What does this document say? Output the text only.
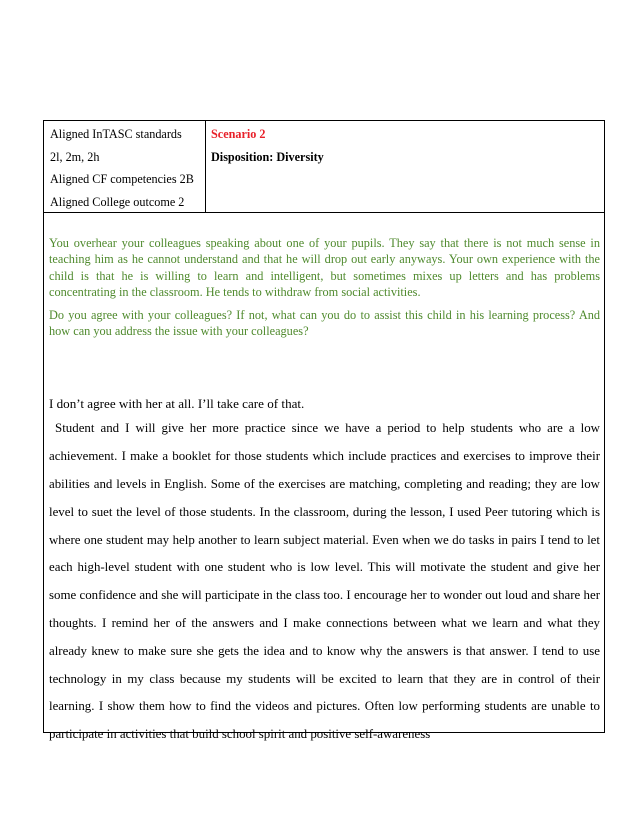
Aligned InTASC standards
2l, 2m, 2h
Aligned CF competencies 2B
Aligned College outcome 2
Scenario 2
Disposition: Diversity

You overhear your colleagues speaking about one of your pupils. They say that there is not much sense in teaching him as he cannot understand and that he will drop out early anyways. Your own experience with the child is that he is willing to learn and intelligent, but sometimes mixes up letters and has problems concentrating in the classroom. He tends to withdraw from social activities.

Do you agree with your colleagues? If not, what can you do to assist this child in his learning process? And how can you address the issue with your colleagues?

I don’t agree with her at all. I’ll take care of that.

Student and I will give her more practice since we have a period to help students who are a low achievement. I make a booklet for those students which include practices and exercises to improve their abilities and levels in English. Some of the exercises are matching, completing and reading; they are low level to suet the level of those students. In the classroom, during the lesson, I used Peer tutoring which is where one student may help another to learn subject material. Even when we do tasks in pairs I tend to let each high-level student with one student who is low level. This will motivate the student and give her some confidence and she will participate in the class too. I encourage her to wonder out loud and share her thoughts. I remind her of the answers and I make connections between what we learn and what they already knew to make sure she gets the idea and to know why the answers is that answer. I tend to use technology in my class because my students will be excited to learn that they are in control of their learning. I show them how to find the videos and pictures. Often low performing students are unable to participate in activities that build school spirit and positive self-awareness
